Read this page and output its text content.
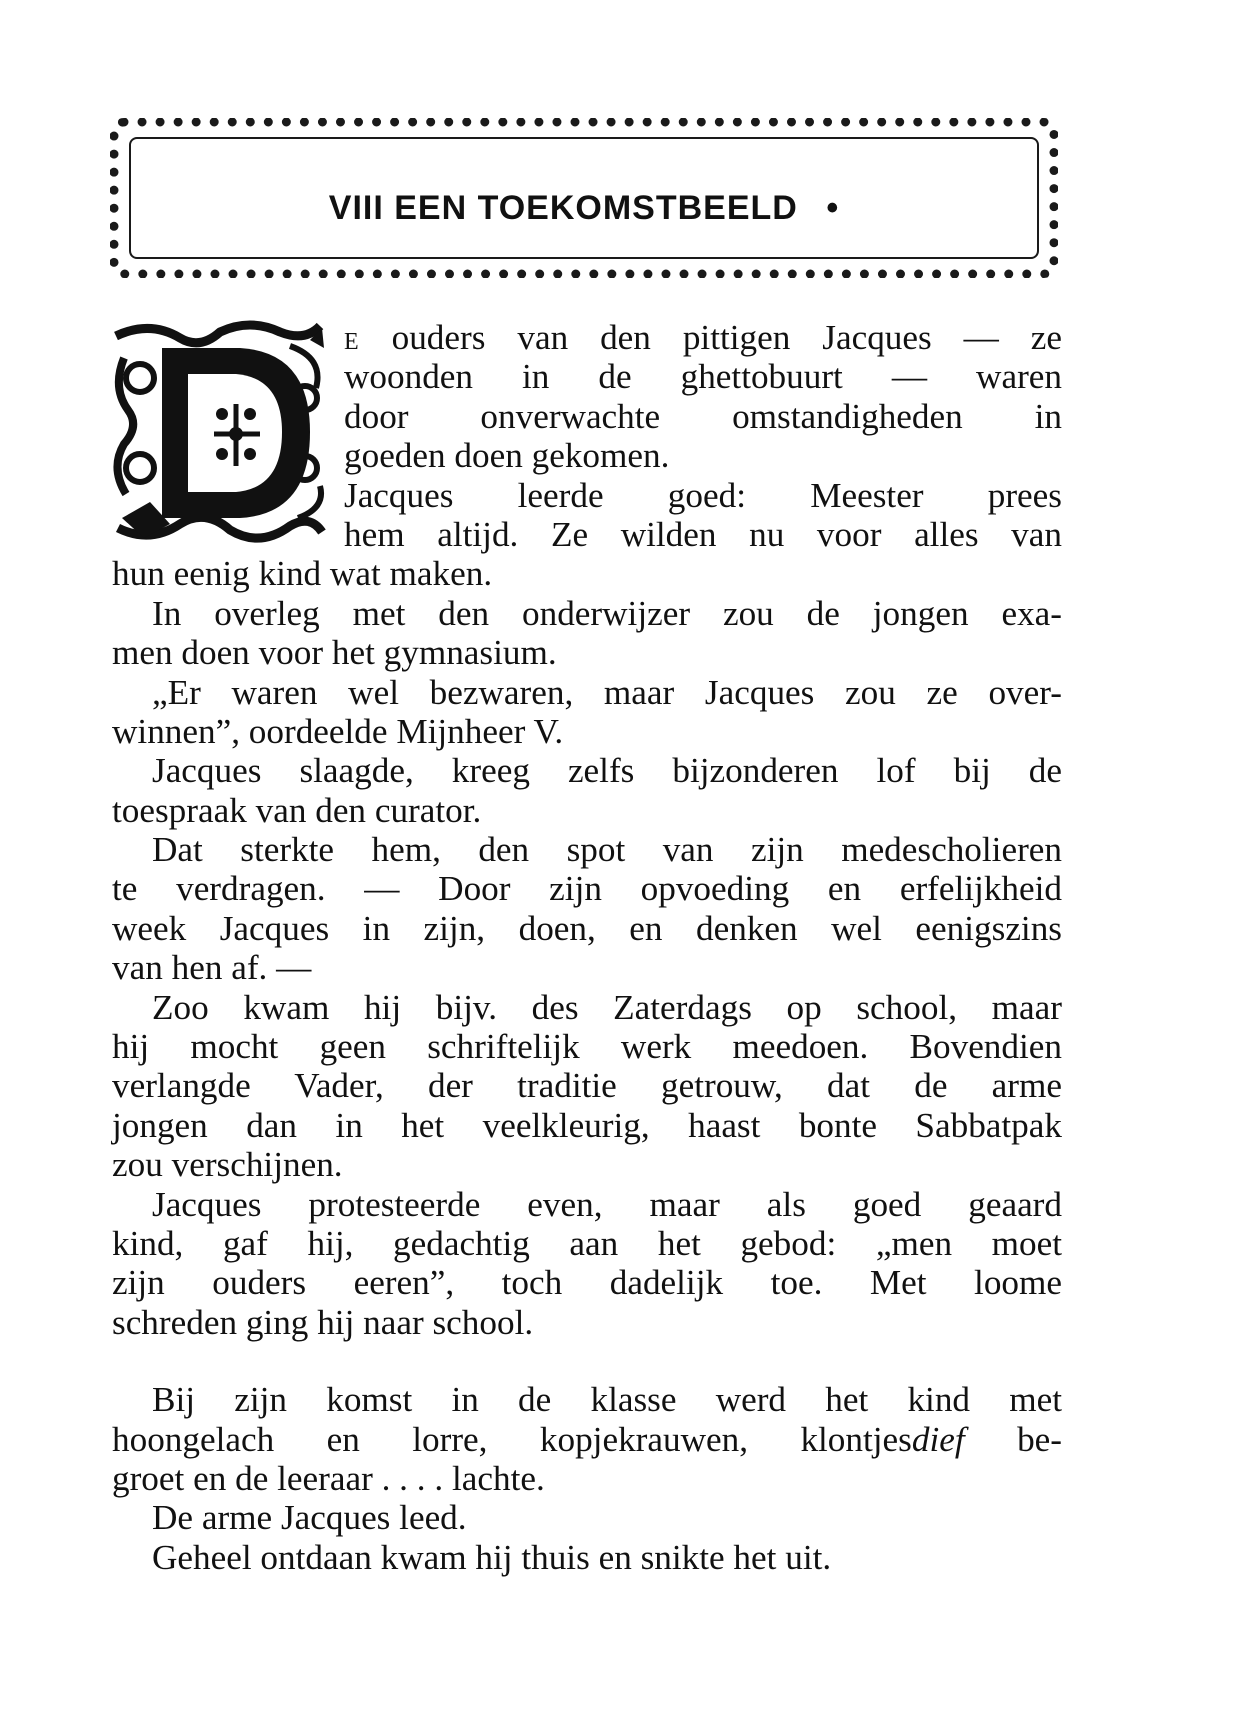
VIII EEN TOEKOMSTBEELD •
E ouders van den pittigen Jacques — ze
woonden in de ghettobuurt — waren
door onverwachte omstandigheden in
goeden doen gekomen.
Jacques leerde goed: Meester prees
hem altijd. Ze wilden nu voor alles van
hun eenig kind wat maken.
In overleg met den onderwijzer zou de jongen exa-
men doen voor het gymnasium.
„Er waren wel bezwaren, maar Jacques zou ze over-
winnen”, oordeelde Mijnheer V.
Jacques slaagde, kreeg zelfs bijzonderen lof bij de
toespraak van den curator.
Dat sterkte hem, den spot van zijn medescholieren
te verdragen. — Door zijn opvoeding en erfelijkheid
week Jacques in zijn, doen, en denken wel eenigszins
van hen af. —
Zoo kwam hij bijv. des Zaterdags op school, maar
hij mocht geen schriftelijk werk meedoen. Bovendien
verlangde Vader, der traditie getrouw, dat de arme
jongen dan in het veelkleurig, haast bonte Sabbatpak
zou verschijnen.
Jacques protesteerde even, maar als goed geaard
kind, gaf hij, gedachtig aan het gebod: „men moet
zijn ouders eeren”, toch dadelijk toe. Met loome
schreden ging hij naar school.
Bij zijn komst in de klasse werd het kind met
hoongelach en lorre, kopjekrauwen, klontjesdief be-
groet en de leeraar . . . . lachte.
De arme Jacques leed.
Geheel ontdaan kwam hij thuis en snikte het uit.
